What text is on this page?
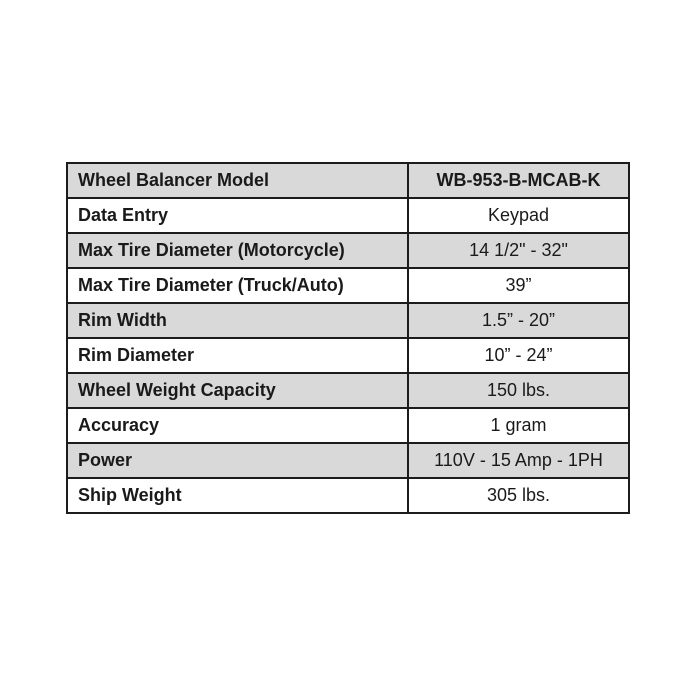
Wheel Balancer Model	WB-953-B-MCAB-K
Data Entry	Keypad
Max Tire Diameter (Motorcycle)	14 1/2" - 32"
Max Tire Diameter (Truck/Auto)	39”
Rim Width	1.5” - 20”
Rim Diameter	10” - 24”
Wheel Weight Capacity	150 lbs.
Accuracy	1 gram
Power	110V - 15 Amp - 1PH
Ship Weight	305 lbs.
